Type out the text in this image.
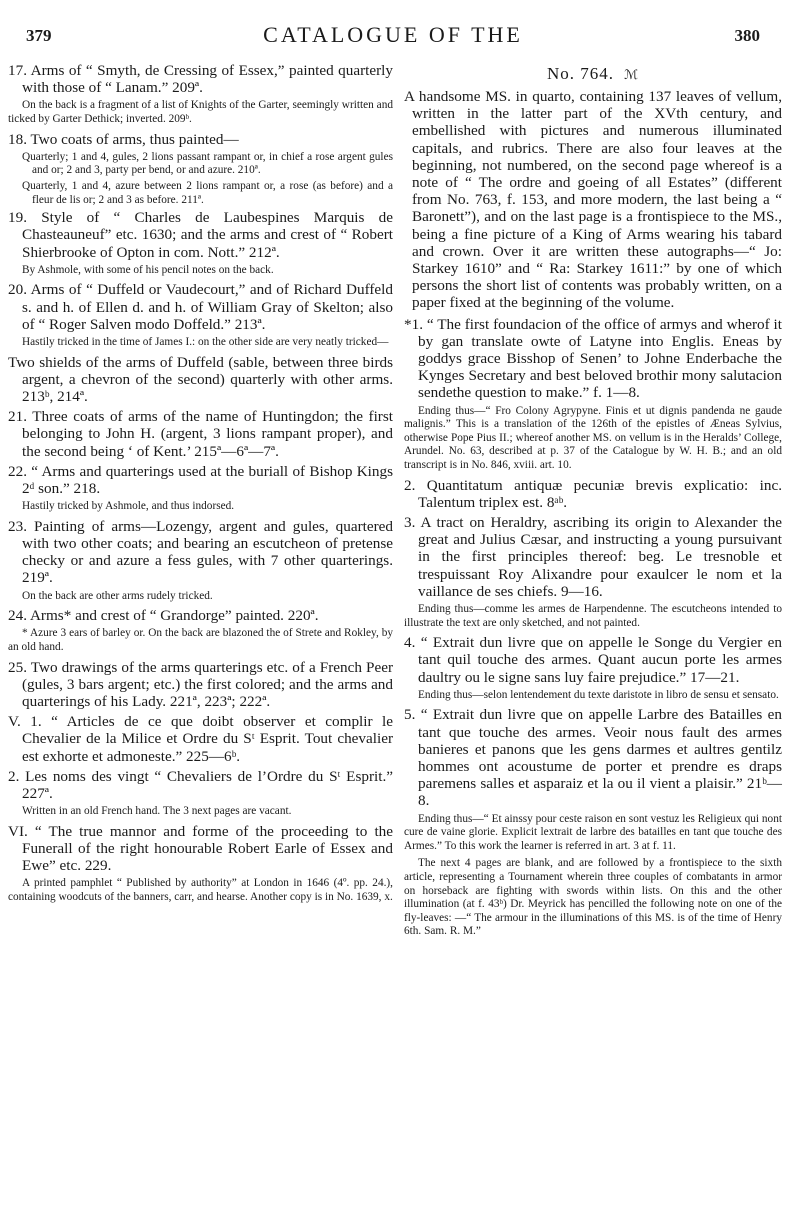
379	CATALOGUE OF THE	380

17. Arms of “ Smyth, de Cressing of Essex,” painted quarterly with those of “ Lanam.” 209ª.

On the back is a fragment of a list of Knights of the Garter, seemingly written and ticked by Garter Dethick; inverted. 209ᵇ.

18. Two coats of arms, thus painted—

Quarterly; 1 and 4, gules, 2 lions passant rampant or, in chief a rose argent gules and or; 2 and 3, party per bend, or and azure. 210ª.

Quarterly, 1 and 4, azure between 2 lions rampant or, a rose (as before) and a fleur de lis or; 2 and 3 as before. 211ª.

19. Style of “ Charles de Laubespines Marquis de Chasteauneuf” etc. 1630; and the arms and crest of “ Robert Shierbrooke of Opton in com. Nott.” 212ª.

By Ashmole, with some of his pencil notes on the back.

20. Arms of “ Duffeld or Vaudecourt,” and of Richard Duffeld s. and h. of Ellen d. and h. of William Gray of Skelton; also of “ Roger Salven modo Doffeld.” 213ª.

Hastily tricked in the time of James I.: on the other side are very neatly tricked—

Two shields of the arms of Duffeld (sable, between three birds argent, a chevron of the second) quarterly with other arms. 213ᵇ, 214ª.

21. Three coats of arms of the name of Huntingdon; the first belonging to John H. (argent, 3 lions rampant proper), and the second being ‘ of Kent.’ 215ª—6ª—7ª.

22. “ Arms and quarterings used at the buriall of Bishop Kings 2ᵈ son.” 218.

Hastily tricked by Ashmole, and thus indorsed.

23. Painting of arms—Lozengy, argent and gules, quartered with two other coats; and bearing an escutcheon of pretense checky or and azure a fess gules, with 7 other quarterings. 219ª.

On the back are other arms rudely tricked.

24. Arms* and crest of “ Grandorge” painted. 220ª.

* Azure 3 ears of barley or. On the back are blazoned the of Strete and Rokley, by an old hand.

25. Two drawings of the arms quarterings etc. of a French Peer (gules, 3 bars argent; etc.) the first colored; and the arms and quarterings of his Lady. 221ª, 223ª; 222ª.

V. 1. “ Articles de ce que doibt observer et complir le Chevalier de la Milice et Ordre du Sᵗ Esprit. Tout chevalier est exhorte et admoneste.” 225—6ᵇ.

2. Les noms des vingt “ Chevaliers de l’Ordre du Sᵗ Esprit.” 227ª.

Written in an old French hand. The 3 next pages are vacant.

VI. “ The true mannor and forme of the proceeding to the Funerall of the right honourable Robert Earle of Essex and Ewe” etc. 229.

A printed pamphlet “ Published by authority” at London in 1646 (4º. pp. 24.), containing woodcuts of the banners, carr, and hearse. Another copy is in No. 1639, x.

No. 764. ℳ

A handsome MS. in quarto, containing 137 leaves of vellum, written in the latter part of the XVth century, and embellished with pictures and numerous illuminated capitals, and rubrics. There are also four leaves at the beginning, not numbered, on the second page whereof is a note of “ The ordre and goeing of all Estates” (different from No. 763, f. 153, and more modern, the last being a “ Baronett”), and on the last page is a frontispiece to the MS., being a fine picture of a King of Arms wearing his tabard and crown. Over it are written these autographs—“ Jo: Starkey 1610” and “ Ra: Starkey 1611:” by one of which persons the short list of contents was probably written, on a paper fixed at the beginning of the volume.

*1. “ The first foundacion of the office of armys and wherof it by gan translate owte of Latyne into Englis. Eneas by goddys grace Bisshop of Senen’ to Johne Enderbache the Kynges Secretary and best beloved brothir mony salutacion sendethe question to make.” f. 1—8.

Ending thus—“ Fro Colony Agrypyne. Finis et ut dignis pandenda ne gaude malignis.” This is a translation of the 126th of the epistles of Æneas Sylvius, otherwise Pope Pius II.; whereof another MS. on vellum is in the Heralds’ College, Arundel. No. 63, described at p. 37 of the Catalogue by W. H. B.; and an old transcript is in No. 846, xviii. art. 10.

2. Quantitatum antiquæ pecuniæ brevis explicatio: inc. Talentum triplex est. 8ᵃᵇ.

3. A tract on Heraldry, ascribing its origin to Alexander the great and Julius Cæsar, and instructing a young pursuivant in the first principles thereof: beg. Le tresnoble et trespuissant Roy Alixandre pour exaulcer le nom et la vaillance de ses chiefs. 9—16.

Ending thus—comme les armes de Harpendenne. The escutcheons intended to illustrate the text are only sketched, and not painted.

4. “ Extrait dun livre que on appelle le Songe du Vergier en tant quil touche des armes. Quant aucun porte les armes daultry ou le signe sans luy faire prejudice.” 17—21.

Ending thus—selon lentendement du texte daristote in libro de sensu et sensato.

5. “ Extrait dun livre que on appelle Larbre des Batailles en tant que touche des armes. Veoir nous fault des armes banieres et panons que les gens darmes et aultres gentilz hommes ont acoustume de porter et prendre es draps paremens salles et asparaiz et la ou il vient a plaisir.” 21ᵇ—8.

Ending thus—“ Et ainssy pour ceste raison en sont vestuz les Religieux qui nont cure de vaine glorie. Explicit lextrait de larbre des batailles en tant que touche des Armes.” To this work the learner is referred in art. 3 at f. 11.

The next 4 pages are blank, and are followed by a frontispiece to the sixth article, representing a Tournament wherein three couples of combatants in armor on horseback are fighting with swords within lists. On this and the other illumination (at f. 43ᵇ) Dr. Meyrick has pencilled the following note on one of the fly-leaves: —“ The armour in the illuminations of this MS. is of the time of Henry 6th. Sam. R. M.”
